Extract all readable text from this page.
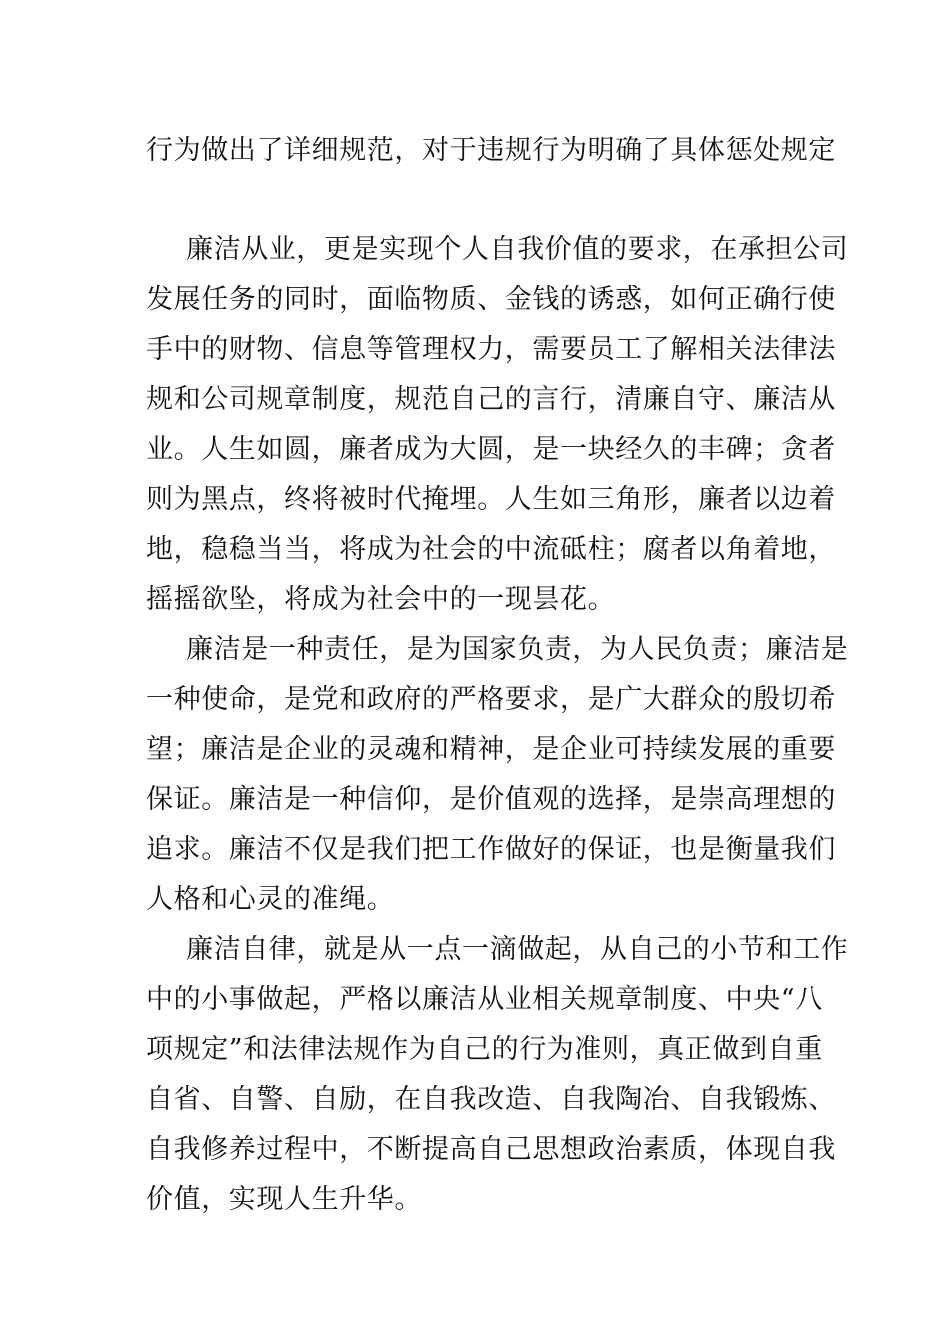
行为做出了详细规范，对于违规行为明确了具体惩处规定
廉洁从业，更是实现个人自我价值的要求，在承担公司
发展任务的同时，面临物质、金钱的诱惑，如何正确行使
手中的财物、信息等管理权力，需要员工了解相关法律法
规和公司规章制度，规范自己的言行，清廉自守、廉洁从
业。人生如圆，廉者成为大圆，是一块经久的丰碑；贪者
则为黑点，终将被时代掩埋。人生如三角形，廉者以边着
地，稳稳当当，将成为社会的中流砥柱；腐者以角着地，
摇摇欲坠，将成为社会中的一现昙花。
廉洁是一种责任，是为国家负责，为人民负责；廉洁是
一种使命，是党和政府的严格要求，是广大群众的殷切希
望；廉洁是企业的灵魂和精神，是企业可持续发展的重要
保证。廉洁是一种信仰，是价值观的选择，是崇高理想的
追求。廉洁不仅是我们把工作做好的保证，也是衡量我们
人格和心灵的准绳。
廉洁自律，就是从一点一滴做起，从自己的小节和工作
中的小事做起，严格以廉洁从业相关规章制度、中央“八
项规定”和法律法规作为自己的行为准则，真正做到自重
自省、自警、自励，在自我改造、自我陶冶、自我锻炼、
自我修养过程中，不断提高自己思想政治素质，体现自我
价值，实现人生升华。
